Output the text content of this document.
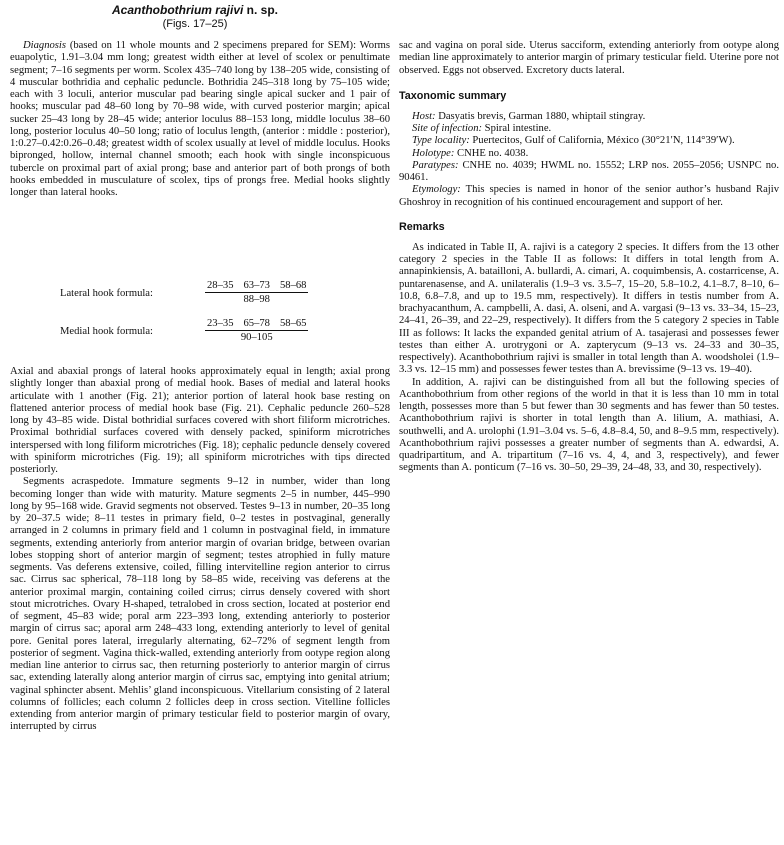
Acanthobothrium rajivi n. sp.

(Figs. 17–25)

Diagnosis (based on 11 whole mounts and 2 specimens prepared for SEM): Worms euapolytic, 1.91–3.04 mm long; greatest width either at level of scolex or penultimate segment; 7–16 segments per worm. Scolex 435–740 long by 138–205 wide, consisting of 4 muscular bothridia and cephalic peduncle. Bothridia 245–318 long by 75–105 wide; each with 3 loculi, anterior muscular pad bearing single apical sucker and 1 pair of hooks; muscular pad 48–60 long by 70–98 wide, with curved posterior margin; apical sucker 25–43 long by 28–45 wide; anterior loculus 88–153 long, middle loculus 38–60 long, posterior loculus 40–50 long; ratio of loculus length, (anterior : middle : posterior), 1:0.27–0.42:0.26–0.48; greatest width of scolex usually at level of middle loculus. Hooks bipronged, hollow, internal channel smooth; each hook with single inconspicuous tubercle on proximal part of axial prong; base and anterior part of both prongs of both hooks embedded in musculature of scolex, tips of prongs free. Medial hooks slightly longer than lateral hooks.

Lateral hook formula:	$\frac{28-35 63-73 58-68}{88-98}$
Medial hook formula:	$\frac{23-35 65-78 58-65}{90-105}$

Axial and abaxial prongs of lateral hooks approximately equal in length; axial prong slightly longer than abaxial prong of medial hook. Bases of medial and lateral hooks articulate with 1 another (Fig. 21); anterior portion of lateral hook base resting on flattened anterior process of medial hook base (Fig. 21). Cephalic peduncle 260–528 long by 43–85 wide. Distal bothridial surfaces covered with short filiform microtriches. Proximal bothridial surfaces covered with densely packed, spiniform microtriches interspersed with long filiform microtriches (Fig. 18); cephalic peduncle densely covered with spiniform microtriches (Fig. 19); all spiniform microtriches with tips directed posteriorly.

Segments acraspedote. Immature segments 9–12 in number, wider than long becoming longer than wide with maturity. Mature segments 2–5 in number, 445–990 long by 95–168 wide. Gravid segments not observed. Testes 9–13 in number, 20–35 long by 20–37.5 wide; 8–11 testes in primary field, 0–2 testes in postvaginal, generally arranged in 2 columns in primary field and 1 column in postvaginal field, in immature segments, extending anteriorly from anterior margin of ovarian bridge, between ovarian lobes stopping short of anterior margin of segment; testes atrophied in fully mature segments. Vas deferens extensive, coiled, filling intervitelline region anterior to cirrus sac. Cirrus sac spherical, 78–118 long by 58–85 wide, receiving vas deferens at the anterior proximal margin, containing coiled cirrus; cirrus densely covered with short stout microtriches. Ovary H-shaped, tetralobed in cross section, located at posterior end of segment, 45–83 wide; poral arm 223–393 long, extending anteriorly to posterior margin of cirrus sac; aporal arm 248–433 long, extending anteriorly to level of genital pore. Genital pores lateral, irregularly alternating, 62–72% of segment length from posterior of segment. Vagina thick-walled, extending anteriorly from ootype region along median line anterior to cirrus sac, then returning posteriorly to anterior margin of cirrus sac, extending laterally along anterior margin of cirrus sac, emptying into genital atrium; vaginal sphincter absent. Mehlis’ gland inconspicuous. Vitellarium consisting of 2 lateral columns of follicles; each column 2 follicles deep in cross section. Vitelline follicles extending from anterior margin of primary testicular field to posterior margin of ovary, interrupted by cirrus

sac and vagina on poral side. Uterus sacciform, extending anteriorly from ootype along median line approximately to anterior margin of primary testicular field. Uterine pore not observed. Eggs not observed. Excretory ducts lateral.

Taxonomic summary

Host: Dasyatis brevis, Garman 1880, whiptail stingray.

Site of infection: Spiral intestine.

Type locality: Puertecitos, Gulf of California, México (30°21′N, 114°39′W).

Holotype: CNHE no. 4038.

Paratypes: CNHE no. 4039; HWML no. 15552; LRP nos. 2055–2056; USNPC no. 90461.

Etymology: This species is named in honor of the senior author’s husband Rajiv Ghoshroy in recognition of his continued encouragement and support of her.

Remarks

As indicated in Table II, A. rajivi is a category 2 species. It differs from the 13 other category 2 species in the Table II as follows: It differs in total length from A. annapinkiensis, A. batailloni, A. bullardi, A. cimari, A. coquimbensis, A. costarricense, A. puntarenasense, and A. unilateralis (1.9–3 vs. 3.5–7, 15–20, 5.8–10.2, 4.1–8.7, 8–10, 6–10.8, 6.8–7.8, and up to 19.5 mm, respectively). It differs in testis number from A. brachyacanthum, A. campbelli, A. dasi, A. olseni, and A. vargasi (9–13 vs. 33–34, 15–23, 24–41, 26–39, and 22–29, respectively). It differs from the 5 category 2 species in Table III as follows: It lacks the expanded genital atrium of A. tasajerasi and possesses fewer testes than either A. urotrygoni or A. zapterycum (9–13 vs. 24–33 and 30–35, respectively). Acanthobothrium rajivi is smaller in total length than A. woodsholei (1.9–3.3 vs. 12–15 mm) and possesses fewer testes than A. brevissime (9–13 vs. 19–40).

In addition, A. rajivi can be distinguished from all but the following species of Acanthobothrium from other regions of the world in that it is less than 10 mm in total length, possesses more than 5 but fewer than 30 segments and has fewer than 50 testes. Acanthobothrium rajivi is shorter in total length than A. lilium, A. mathiasi, A. southwelli, and A. urolophi (1.91–3.04 vs. 5–6, 4.8–8.4, 50, and 8–9.5 mm, respectively). Acanthobothrium rajivi possesses a greater number of segments than A. edwardsi, A. quadripartitum, and A. tripartitum (7–16 vs. 4, 4, and 3, respectively), and fewer segments than A. ponticum (7–16 vs. 30–50, 29–39, 24–48, 33, and 30, respectively).
